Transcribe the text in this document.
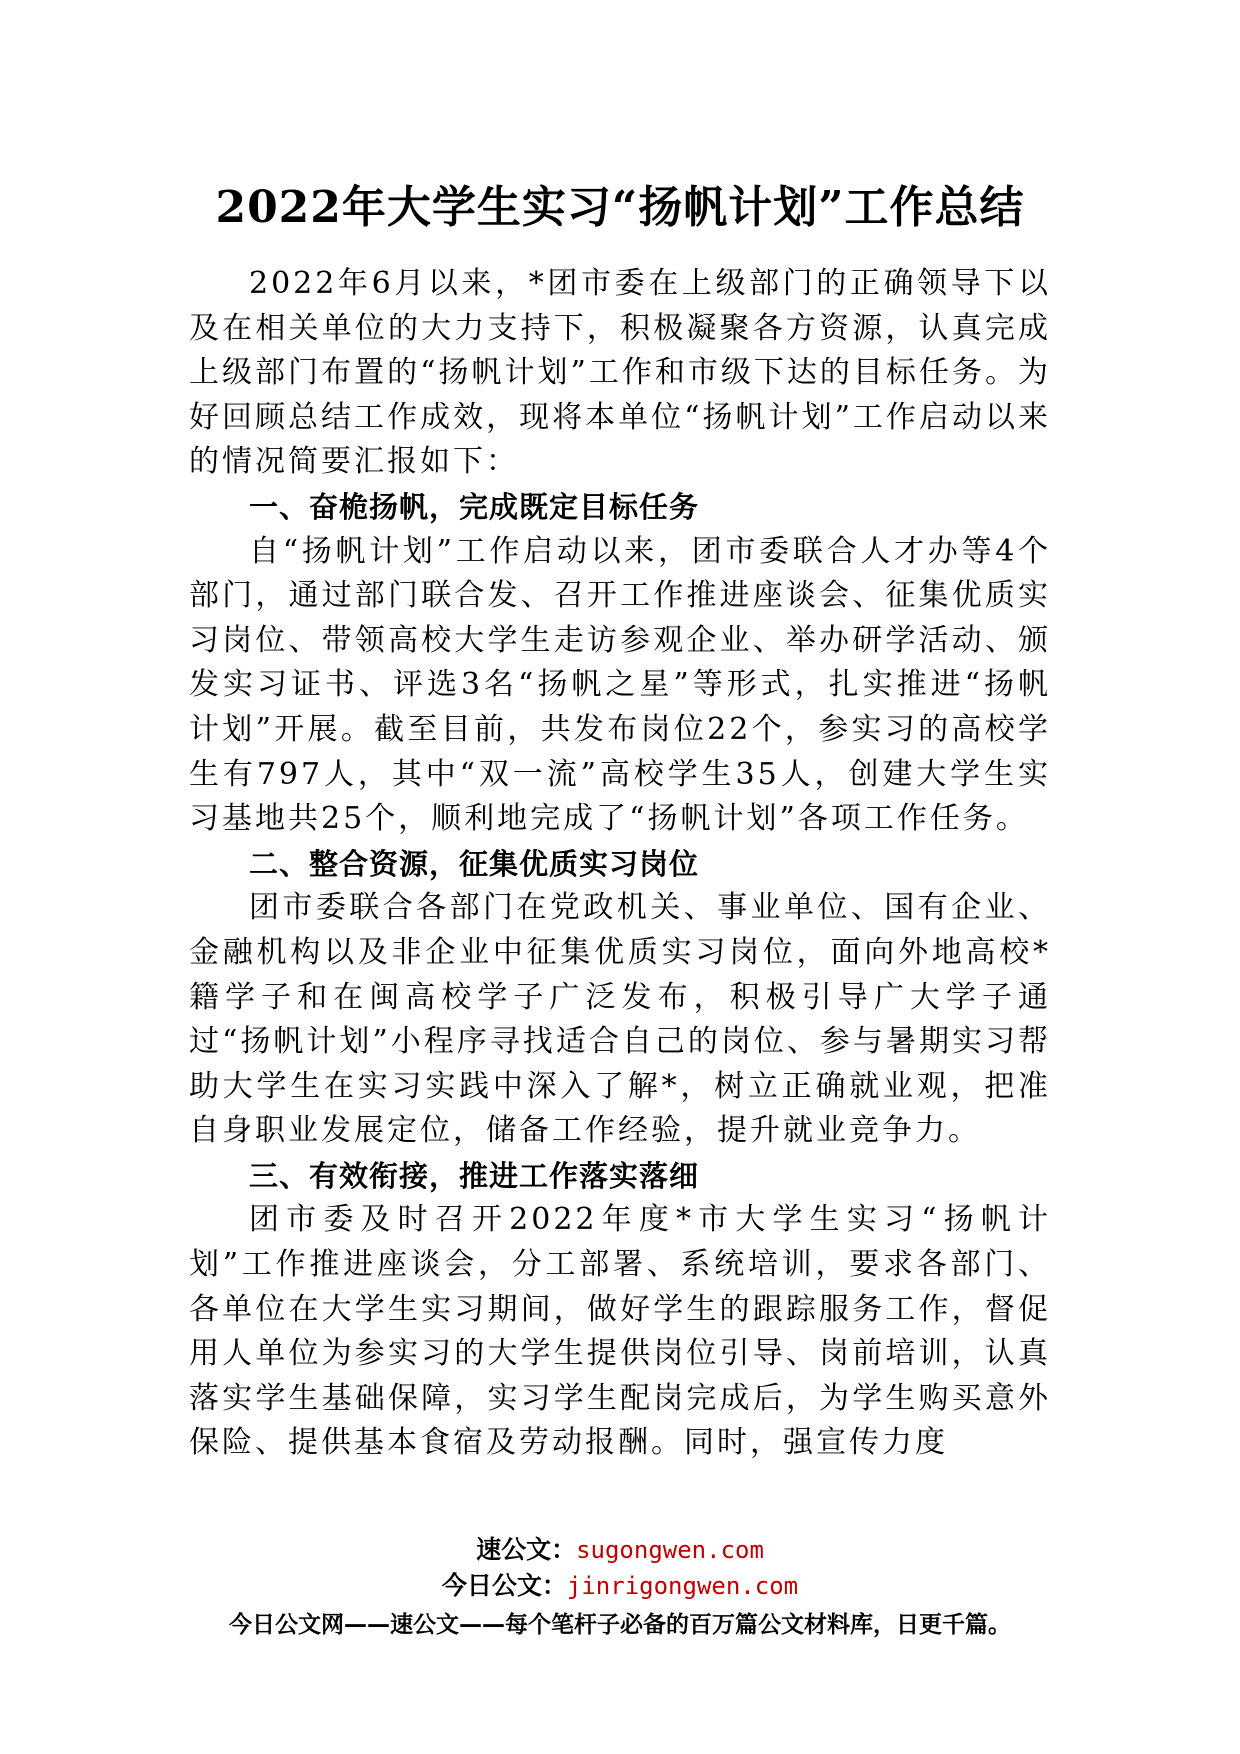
2022年大学生实习“扬帆计划”工作总结

2022年6月以来，*团市委在上级部门的正确领导下以及在相关单位的大力支持下，积极凝聚各方资源，认真完成上级部门布置的“扬帆计划”工作和市级下达的目标任务。为好回顾总结工作成效，现将本单位“扬帆计划”工作启动以来的情况简要汇报如下：

一、奋桅扬帆，完成既定目标任务

自“扬帆计划”工作启动以来，团市委联合人才办等4个部门，通过部门联合发、召开工作推进座谈会、征集优质实习岗位、带领高校大学生走访参观企业、举办研学活动、颁发实习证书、评选3名“扬帆之星”等形式，扎实推进“扬帆计划”开展。截至目前，共发布岗位22个，参实习的高校学生有797人，其中“双一流”高校学生35人，创建大学生实习基地共25个，顺利地完成了“扬帆计划”各项工作任务。

二、整合资源，征集优质实习岗位

团市委联合各部门在党政机关、事业单位、国有企业、金融机构以及非企业中征集优质实习岗位，面向外地高校*籍学子和在闽高校学子广泛发布，积极引导广大学子通过“扬帆计划”小程序寻找适合自己的岗位、参与暑期实习帮助大学生在实习实践中深入了解*，树立正确就业观，把准自身职业发展定位，储备工作经验，提升就业竞争力。

三、有效衔接，推进工作落实落细

团市委及时召开2022年度*市大学生实习“扬帆计划”工作推进座谈会，分工部署、系统培训，要求各部门、各单位在大学生实习期间，做好学生的跟踪服务工作，督促用人单位为参实习的大学生提供岗位引导、岗前培训，认真落实学生基础保障，实习学生配岗完成后，为学生购买意外保险、提供基本食宿及劳动报酬。同时，强宣传力度

速公文：sugongwen.com
今日公文：jinrigongwen.com
今日公文网——速公文——每个笔杆子必备的百万篇公文材料库，日更千篇。
